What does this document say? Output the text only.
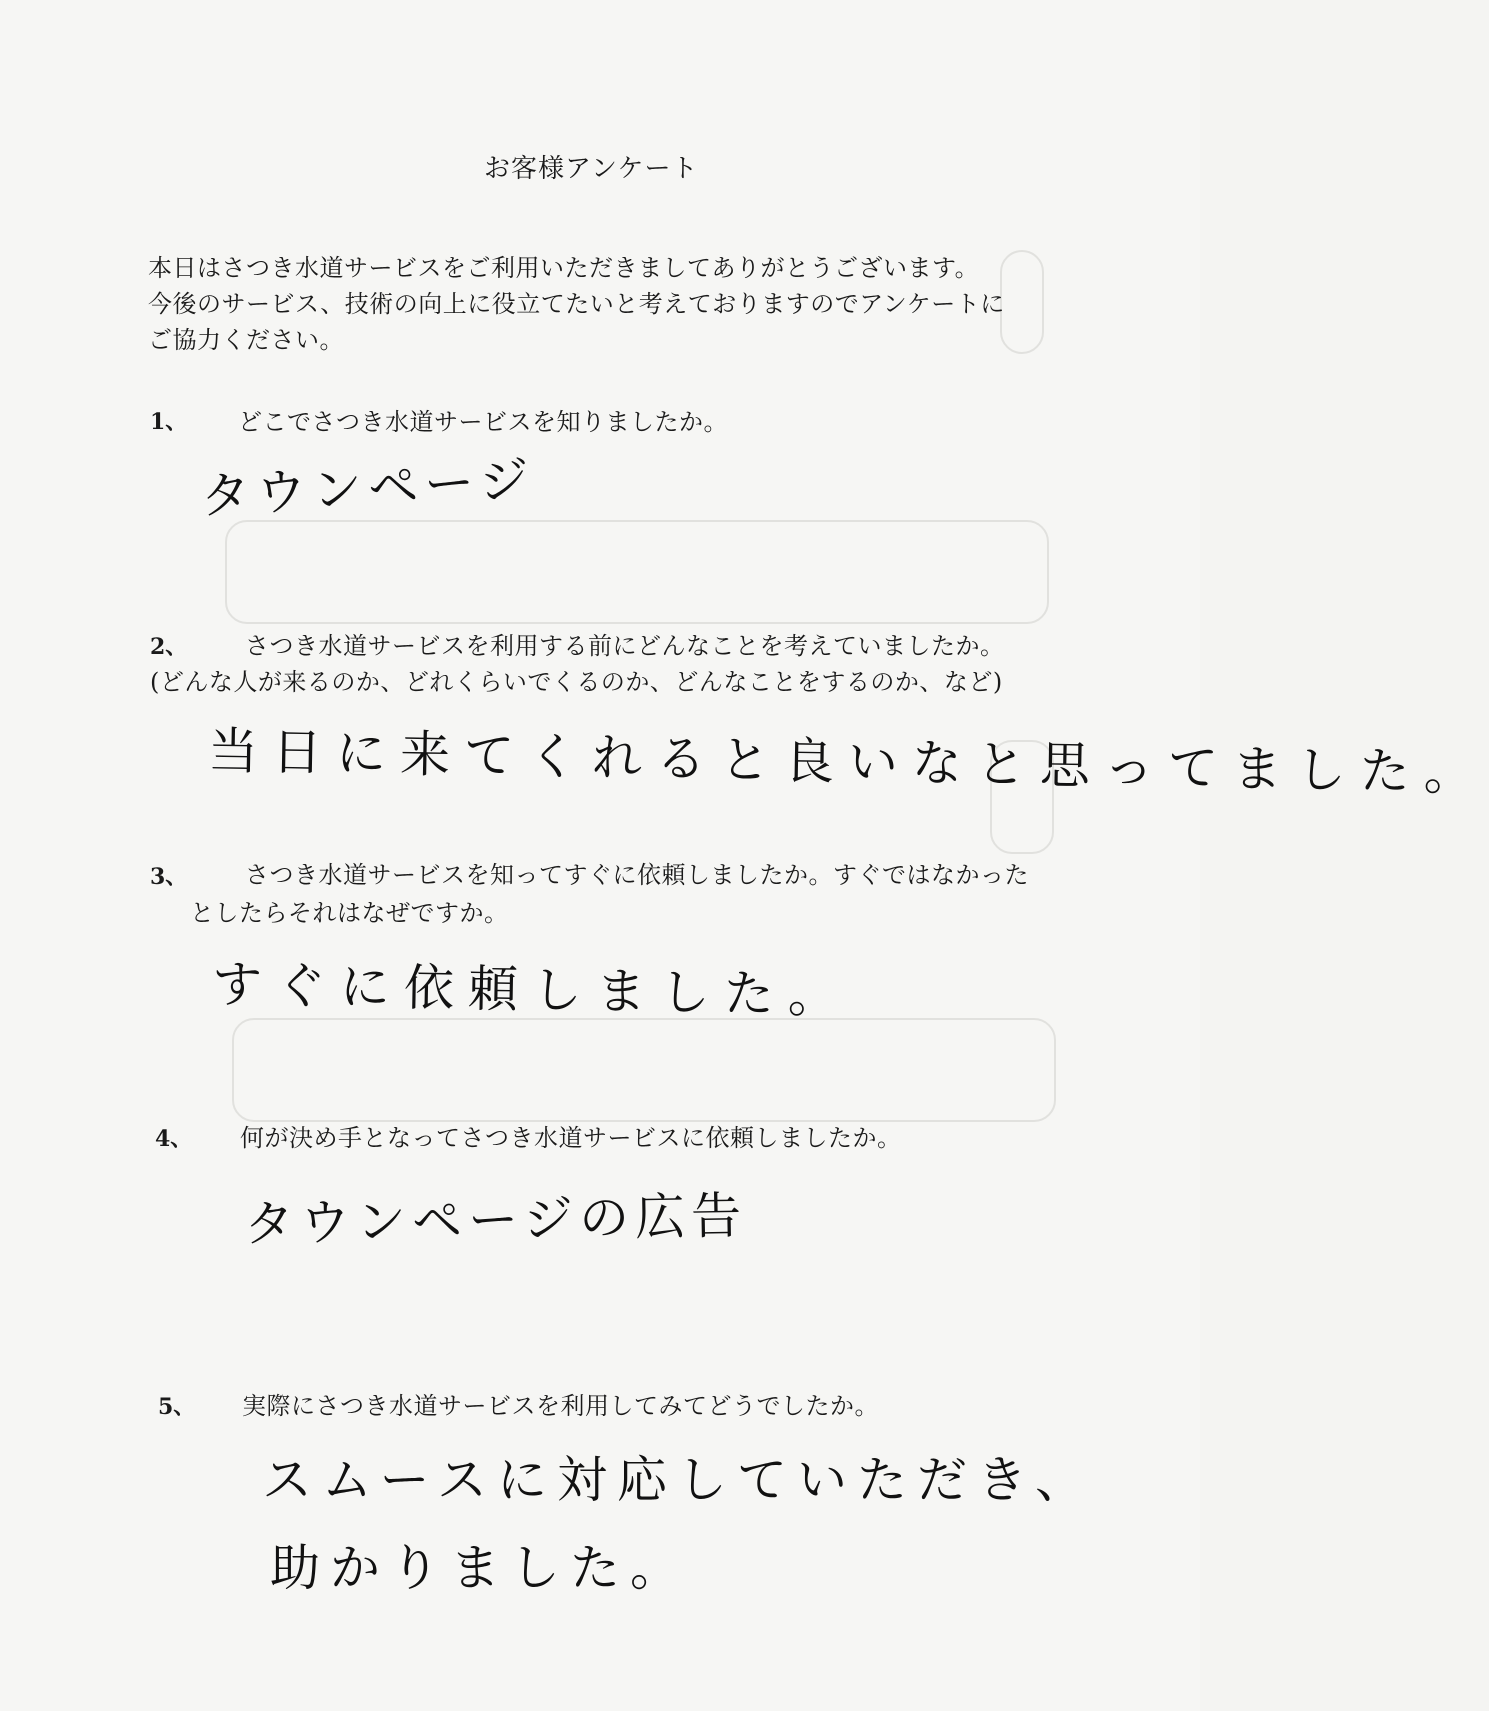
お客様アンケート
本日はさつき水道サービスをご利用いただきましてありがとうございます。
今後のサービス、技術の向上に役立てたいと考えておりますのでアンケートに
ご協力ください。
1、 どこでさつき水道サービスを知りましたか。
タウンページ
2、 さつき水道サービスを利用する前にどんなことを考えていましたか。
(どんな人が来るのか、どれくらいでくるのか、どんなことをするのか、など)
当日に来てくれると良いなと思ってました。
3、 さつき水道サービスを知ってすぐに依頼しましたか。すぐではなかった
としたらそれはなぜですか。
すぐに依頼しました。
4、 何が決め手となってさつき水道サービスに依頼しましたか。
タウンページの広告
5、 実際にさつき水道サービスを利用してみてどうでしたか。
スムースに対応していただき、
助かりました。
